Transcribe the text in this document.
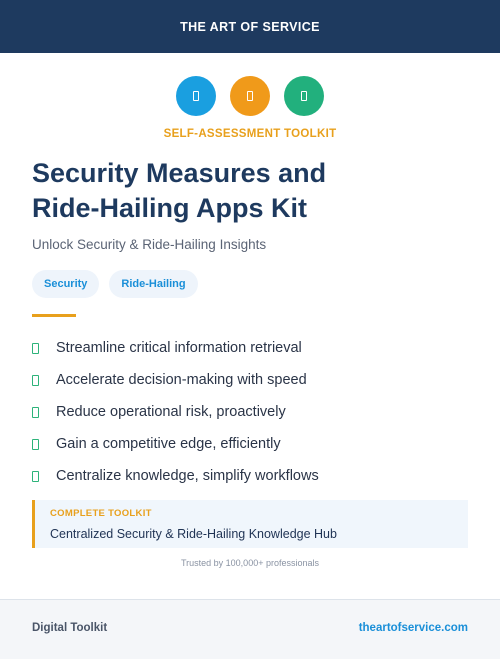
THE ART OF SERVICE
SELF-ASSESSMENT TOOLKIT
Security Measures and
Ride-Hailing Apps Kit
Unlock Security & Ride-Hailing Insights
Security	Ride-Hailing
Streamline critical information retrieval
Accelerate decision-making with speed
Reduce operational risk, proactively
Gain a competitive edge, efficiently
Centralize knowledge, simplify workflows
COMPLETE TOOLKIT
Centralized Security & Ride-Hailing Knowledge Hub
Trusted by 100,000+ professionals
Digital Toolkit	theartofservice.com
